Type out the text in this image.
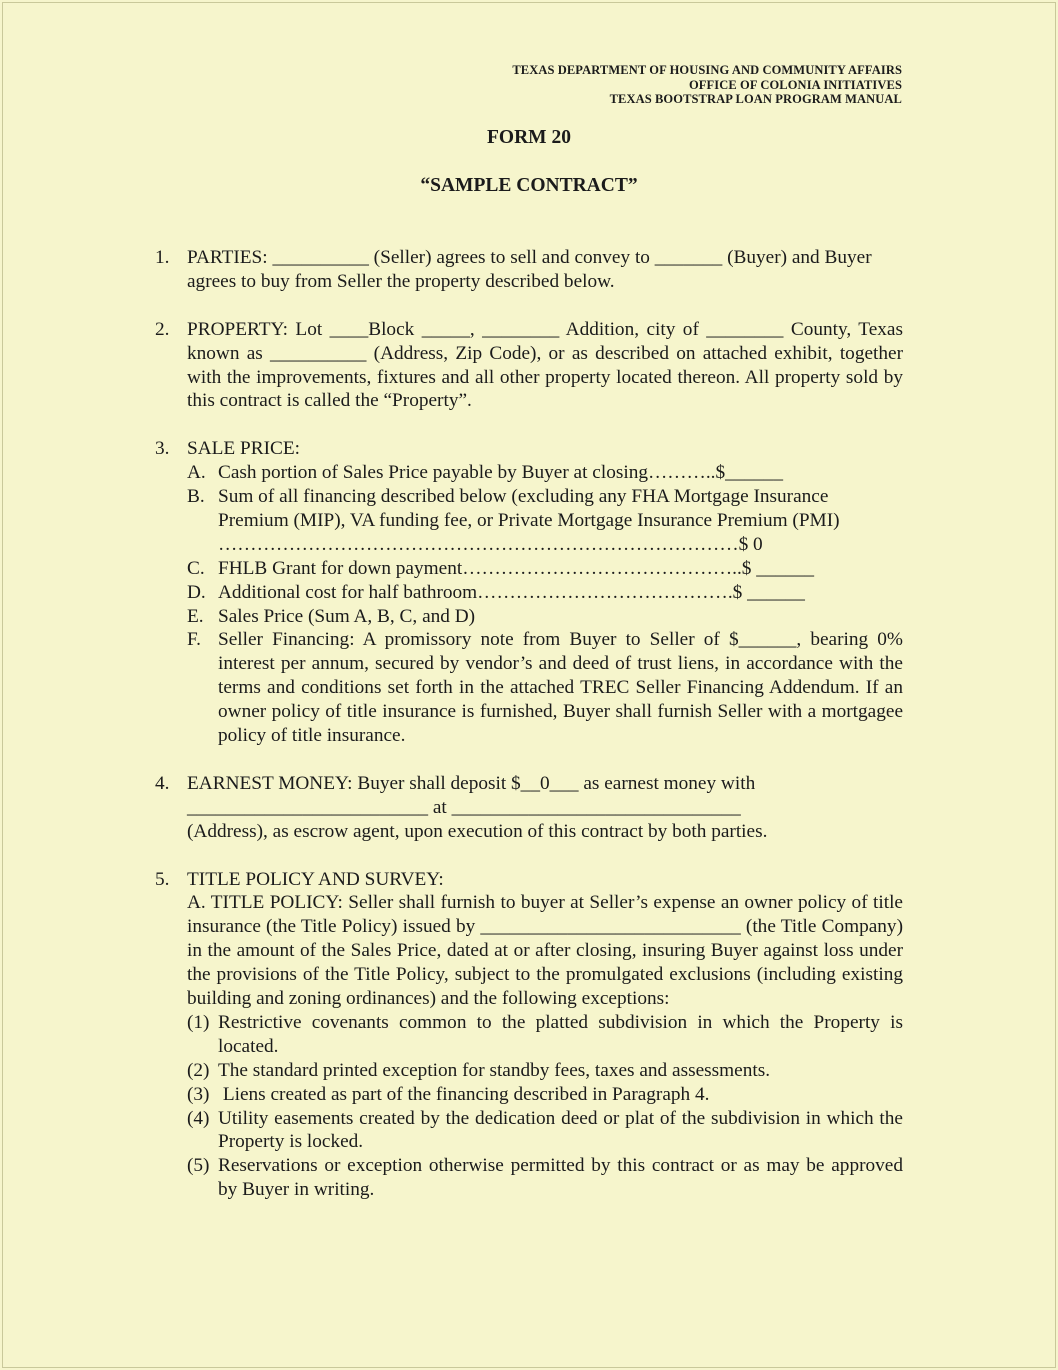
TEXAS DEPARTMENT OF HOUSING AND COMMUNITY AFFAIRS
OFFICE OF COLONIA INITIATIVES
TEXAS BOOTSTRAP LOAN PROGRAM MANUAL
FORM 20
“SAMPLE CONTRACT”
1. PARTIES: __________ (Seller) agrees to sell and convey to _______ (Buyer) and Buyer agrees to buy from Seller the property described below.

2. PROPERTY: Lot ____Block _____, ________ Addition, city of ________ County, Texas known as __________ (Address, Zip Code), or as described on attached exhibit, together with the improvements, fixtures and all other property located thereon. All property sold by this contract is called the “Property”.

3. SALE PRICE:

A. Cash portion of Sales Price payable by Buyer at closing………..$______
B. Sum of all financing described below (excluding any FHA Mortgage Insurance Premium (MIP), VA funding fee, or Private Mortgage Insurance Premium (PMI)
………………………………………………………………………$ 0
C. FHLB Grant for down payment……………………………………..$ ______
D. Additional cost for half bathroom………………………………….$ ______
E. Sales Price (Sum A, B, C, and D)
F. Seller Financing: A promissory note from Buyer to Seller of $______, bearing 0% interest per annum, secured by vendor’s and deed of trust liens, in accordance with the terms and conditions set forth in the attached TREC Seller Financing Addendum. If an owner policy of title insurance is furnished, Buyer shall furnish Seller with a mortgagee policy of title insurance.
4. EARNEST MONEY: Buyer shall deposit $__0___ as earnest money with

_________________________ at ______________________________

(Address), as escrow agent, upon execution of this contract by both parties.

5. TITLE POLICY AND SURVEY:

A. TITLE POLICY: Seller shall furnish to buyer at Seller’s expense an owner policy of title insurance (the Title Policy) issued by ___________________________ (the Title Company) in the amount of the Sales Price, dated at or after closing, insuring Buyer against loss under the provisions of the Title Policy, subject to the promulgated exclusions (including existing building and zoning ordinances) and the following exceptions:

(1) Restrictive covenants common to the platted subdivision in which the Property is located.
(2) The standard printed exception for standby fees, taxes and assessments.
(3) Liens created as part of the financing described in Paragraph 4.
(4) Utility easements created by the dedication deed or plat of the subdivision in which the Property is locked.
(5) Reservations or exception otherwise permitted by this contract or as may be approved by Buyer in writing.
